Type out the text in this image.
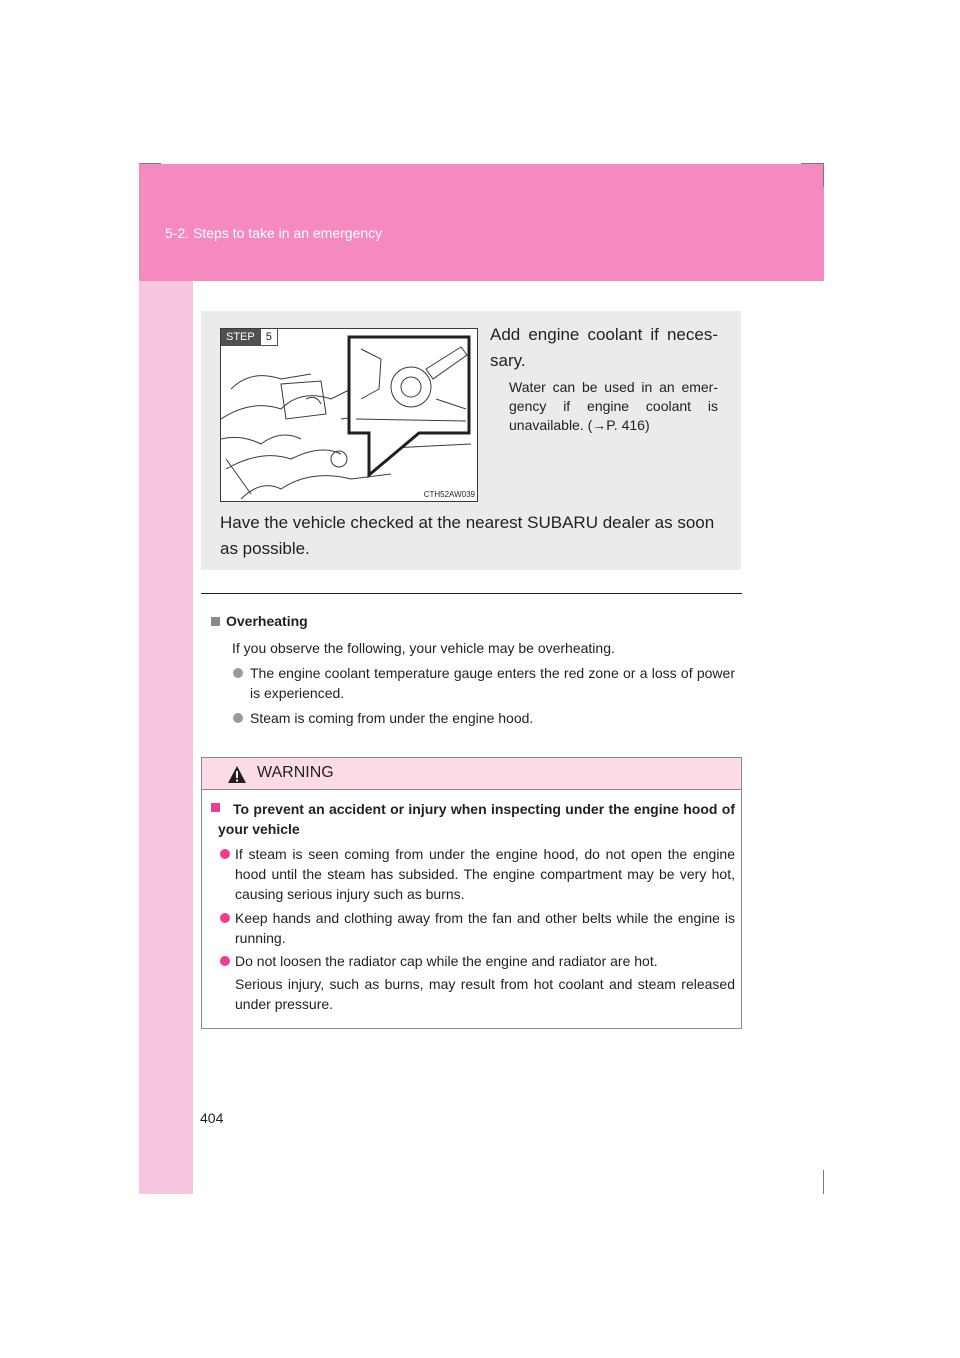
5-2. Steps to take in an emergency
STEP	5
CTH52AW039
Add engine coolant if neces-sary.
Water can be used in an emer-gency if engine coolant is unavailable. (→P. 416)
Have the vehicle checked at the nearest SUBARU dealer as soon as possible.
Overheating
If you observe the following, your vehicle may be overheating.
The engine coolant temperature gauge enters the red zone or a loss of power is experienced.
Steam is coming from under the engine hood.
WARNING
To prevent an accident or injury when inspecting under the engine hood of your vehicle
If steam is seen coming from under the engine hood, do not open the engine hood until the steam has subsided. The engine compartment may be very hot, causing serious injury such as burns.
Keep hands and clothing away from the fan and other belts while the engine is running.
Do not loosen the radiator cap while the engine and radiator are hot.
Serious injury, such as burns, may result from hot coolant and steam released under pressure.
404
